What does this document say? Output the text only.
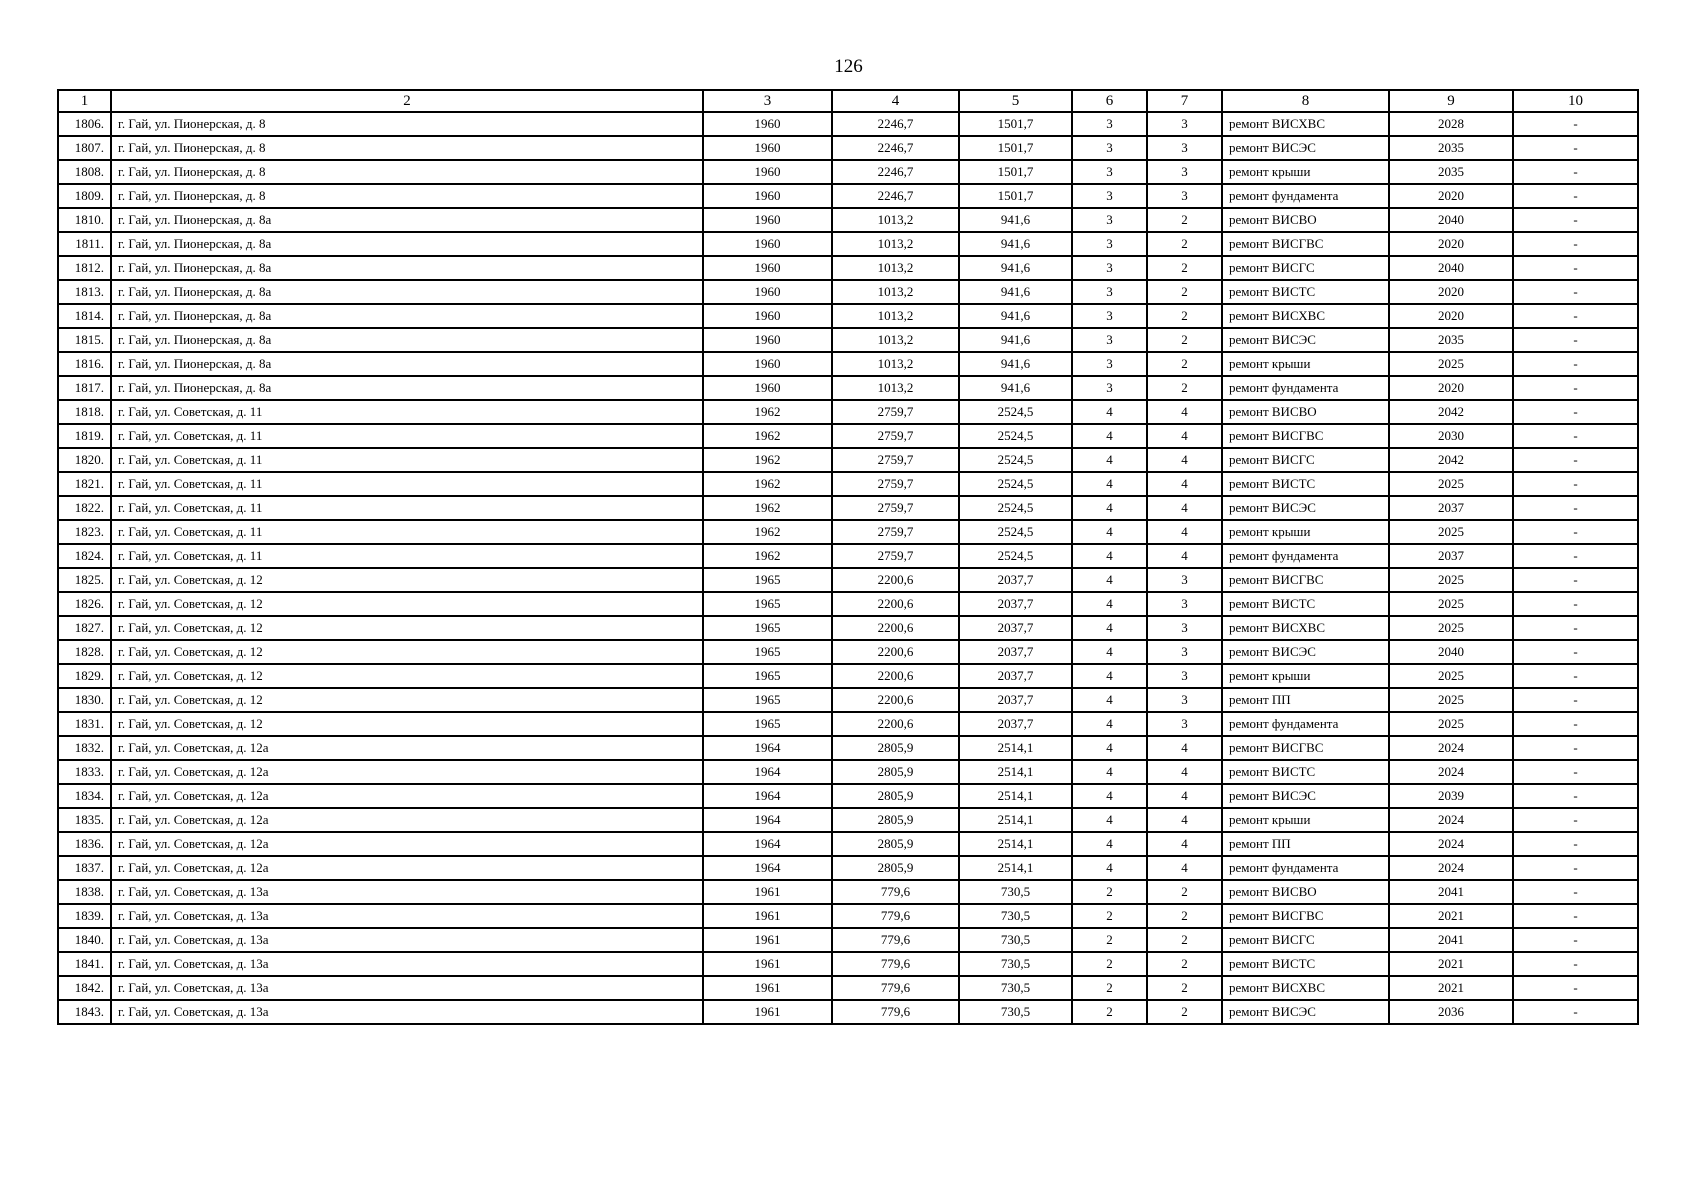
126
1	2	3	4	5	6	7	8	9	10
1806.	г. Гай, ул. Пионерская, д. 8	1960	2246,7	1501,7	3	3	ремонт ВИСХВС	2028	-
1807.	г. Гай, ул. Пионерская, д. 8	1960	2246,7	1501,7	3	3	ремонт ВИСЭС	2035	-
1808.	г. Гай, ул. Пионерская, д. 8	1960	2246,7	1501,7	3	3	ремонт крыши	2035	-
1809.	г. Гай, ул. Пионерская, д. 8	1960	2246,7	1501,7	3	3	ремонт фундамента	2020	-
1810.	г. Гай, ул. Пионерская, д. 8а	1960	1013,2	941,6	3	2	ремонт ВИСВО	2040	-
1811.	г. Гай, ул. Пионерская, д. 8а	1960	1013,2	941,6	3	2	ремонт ВИСГВС	2020	-
1812.	г. Гай, ул. Пионерская, д. 8а	1960	1013,2	941,6	3	2	ремонт ВИСГС	2040	-
1813.	г. Гай, ул. Пионерская, д. 8а	1960	1013,2	941,6	3	2	ремонт ВИСТС	2020	-
1814.	г. Гай, ул. Пионерская, д. 8а	1960	1013,2	941,6	3	2	ремонт ВИСХВС	2020	-
1815.	г. Гай, ул. Пионерская, д. 8а	1960	1013,2	941,6	3	2	ремонт ВИСЭС	2035	-
1816.	г. Гай, ул. Пионерская, д. 8а	1960	1013,2	941,6	3	2	ремонт крыши	2025	-
1817.	г. Гай, ул. Пионерская, д. 8а	1960	1013,2	941,6	3	2	ремонт фундамента	2020	-
1818.	г. Гай, ул. Советская, д. 11	1962	2759,7	2524,5	4	4	ремонт ВИСВО	2042	-
1819.	г. Гай, ул. Советская, д. 11	1962	2759,7	2524,5	4	4	ремонт ВИСГВС	2030	-
1820.	г. Гай, ул. Советская, д. 11	1962	2759,7	2524,5	4	4	ремонт ВИСГС	2042	-
1821.	г. Гай, ул. Советская, д. 11	1962	2759,7	2524,5	4	4	ремонт ВИСТС	2025	-
1822.	г. Гай, ул. Советская, д. 11	1962	2759,7	2524,5	4	4	ремонт ВИСЭС	2037	-
1823.	г. Гай, ул. Советская, д. 11	1962	2759,7	2524,5	4	4	ремонт крыши	2025	-
1824.	г. Гай, ул. Советская, д. 11	1962	2759,7	2524,5	4	4	ремонт фундамента	2037	-
1825.	г. Гай, ул. Советская, д. 12	1965	2200,6	2037,7	4	3	ремонт ВИСГВС	2025	-
1826.	г. Гай, ул. Советская, д. 12	1965	2200,6	2037,7	4	3	ремонт ВИСТС	2025	-
1827.	г. Гай, ул. Советская, д. 12	1965	2200,6	2037,7	4	3	ремонт ВИСХВС	2025	-
1828.	г. Гай, ул. Советская, д. 12	1965	2200,6	2037,7	4	3	ремонт ВИСЭС	2040	-
1829.	г. Гай, ул. Советская, д. 12	1965	2200,6	2037,7	4	3	ремонт крыши	2025	-
1830.	г. Гай, ул. Советская, д. 12	1965	2200,6	2037,7	4	3	ремонт ПП	2025	-
1831.	г. Гай, ул. Советская, д. 12	1965	2200,6	2037,7	4	3	ремонт фундамента	2025	-
1832.	г. Гай, ул. Советская, д. 12а	1964	2805,9	2514,1	4	4	ремонт ВИСГВС	2024	-
1833.	г. Гай, ул. Советская, д. 12а	1964	2805,9	2514,1	4	4	ремонт ВИСТС	2024	-
1834.	г. Гай, ул. Советская, д. 12а	1964	2805,9	2514,1	4	4	ремонт ВИСЭС	2039	-
1835.	г. Гай, ул. Советская, д. 12а	1964	2805,9	2514,1	4	4	ремонт крыши	2024	-
1836.	г. Гай, ул. Советская, д. 12а	1964	2805,9	2514,1	4	4	ремонт ПП	2024	-
1837.	г. Гай, ул. Советская, д. 12а	1964	2805,9	2514,1	4	4	ремонт фундамента	2024	-
1838.	г. Гай, ул. Советская, д. 13а	1961	779,6	730,5	2	2	ремонт ВИСВО	2041	-
1839.	г. Гай, ул. Советская, д. 13а	1961	779,6	730,5	2	2	ремонт ВИСГВС	2021	-
1840.	г. Гай, ул. Советская, д. 13а	1961	779,6	730,5	2	2	ремонт ВИСГС	2041	-
1841.	г. Гай, ул. Советская, д. 13а	1961	779,6	730,5	2	2	ремонт ВИСТС	2021	-
1842.	г. Гай, ул. Советская, д. 13а	1961	779,6	730,5	2	2	ремонт ВИСХВС	2021	-
1843.	г. Гай, ул. Советская, д. 13а	1961	779,6	730,5	2	2	ремонт ВИСЭС	2036	-
